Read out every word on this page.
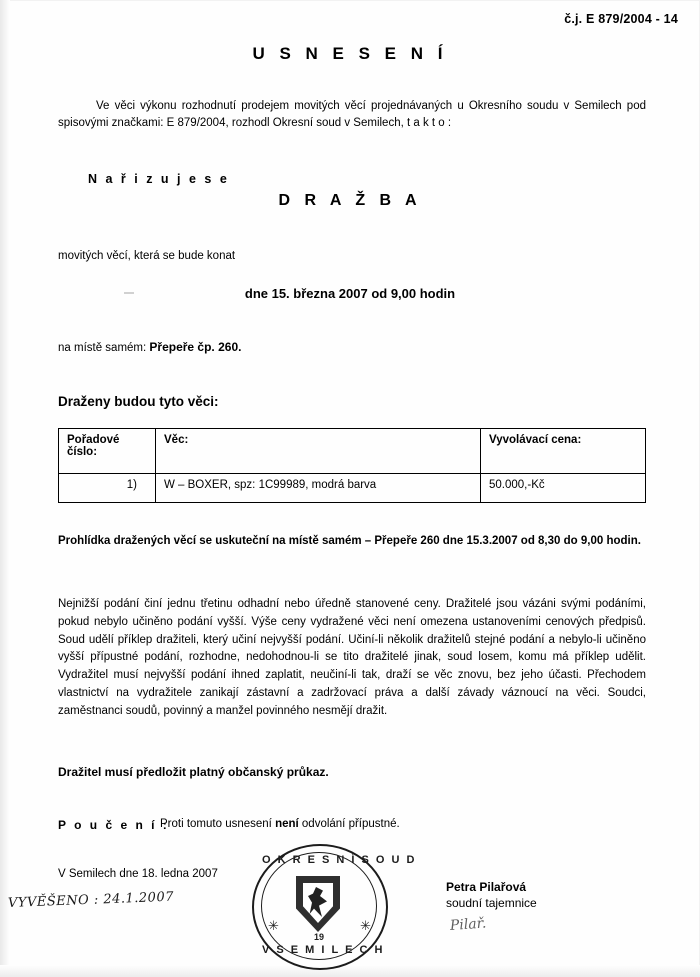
č.j. E 879/2004 - 14
U S N E S E N Í
Ve věci výkonu rozhodnutí prodejem movitých věcí projednávaných u Okresního soudu v Semilech pod spisovými značkami: E 879/2004, rozhodl Okresní soud v Semilech, t a k t o :
N a ř i z u j e s e
D R A Ž B A
movitých věcí, která se bude konat
dne 15. března 2007 od 9,00 hodin
na místě samém: Přepeře čp. 260.
Draženy budou tyto věci:
Pořadové číslo:	Věc:	Vyvolávací cena:
1)	W – BOXER, spz: 1C99989, modrá barva	50.000,-Kč
Prohlídka dražených věcí se uskuteční na místě samém – Přepeře 260 dne 15.3.2007 od 8,30 do 9,00 hodin.
Nejnižší podání činí jednu třetinu odhadní nebo úředně stanovené ceny. Dražitelé jsou vázáni svými podáními, pokud nebylo učiněno podání vyšší. Výše ceny vydražené věci není omezena ustanoveními cenových předpisů. Soud udělí příklep dražiteli, který učiní nejvyšší podání. Učiní-li několik dražitelů stejné podání a nebylo-li učiněno vyšší přípustné podání, rozhodne, nedohodnou-li se tito dražitelé jinak, soud losem, komu má příklep udělit. Vydražitel musí nejvyšší podání ihned zaplatit, neučiní-li tak, draží se věc znovu, bez jeho účasti. Přechodem vlastnictví na vydražitele zanikají zástavní a zadržovací práva a další závady váznoucí na věci. Soudci, zaměstnanci soudů, povinný a manžel povinného nesmějí dražit.
Dražitel musí předložit platný občanský průkaz.
P o u č e n í :
Proti tomuto usnesení není odvolání přípustné.
V Semilech dne 18. ledna 2007
O K R E S N Í S O U D
✳	✳
19
V S E M I L E C H
VYVĚŠENO : 24.1.2007
Petra Pilařová
soudní tajemnice
Pilař.
